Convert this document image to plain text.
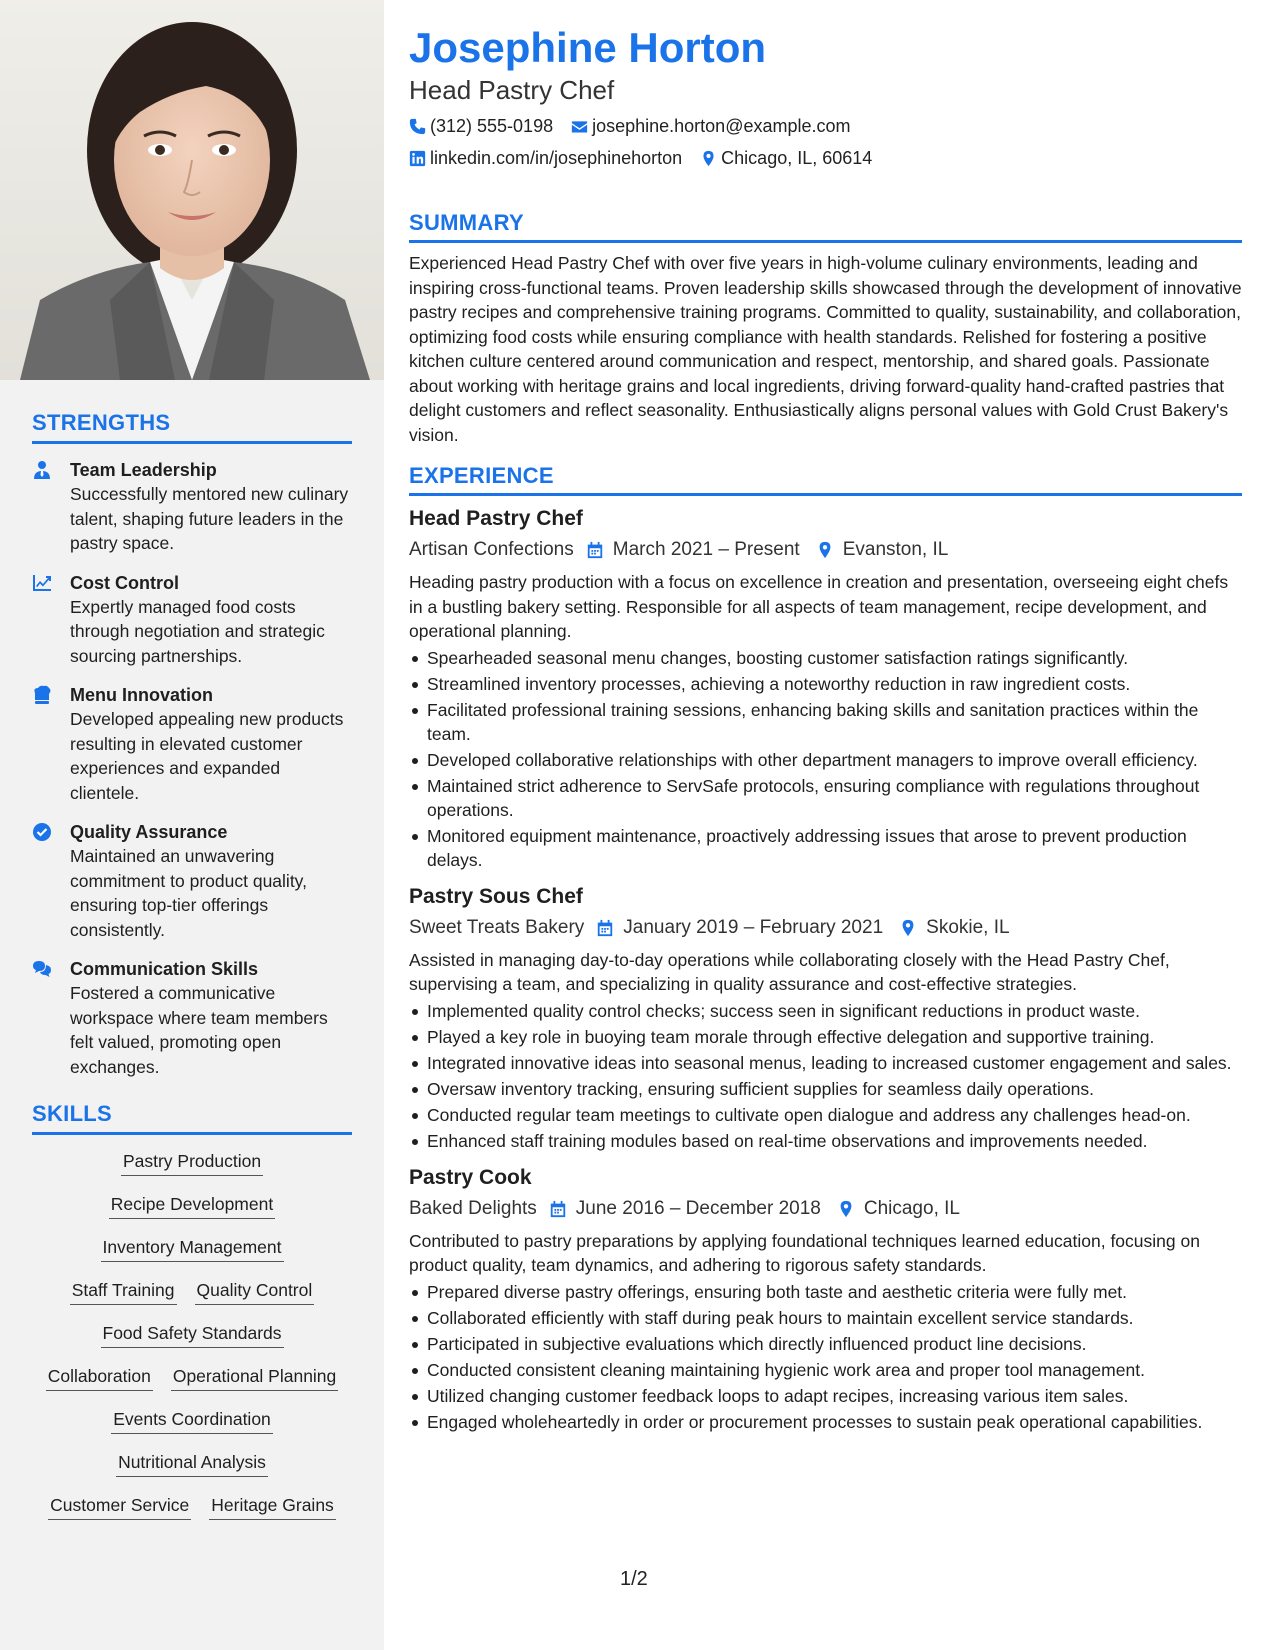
STRENGTHS
Team Leadership
Successfully mentored new culinary talent, shaping future leaders in the pastry space.
Cost Control
Expertly managed food costs through negotiation and strategic sourcing partnerships.
Menu Innovation
Developed appealing new products resulting in elevated customer experiences and expanded clientele.
Quality Assurance
Maintained an unwavering commitment to product quality, ensuring top-tier offerings consistently.
Communication Skills
Fostered a communicative workspace where team members felt valued, promoting open exchanges.
SKILLS
Pastry Production
Recipe Development
Inventory Management
Staff Training Quality Control
Food Safety Standards
Collaboration Operational Planning
Events Coordination
Nutritional Analysis
Customer Service Heritage Grains
Josephine Horton
Head Pastry Chef
(312) 555-0198 josephine.horton@example.com
linkedin.com/in/josephinehorton Chicago, IL, 60614
SUMMARY
Experienced Head Pastry Chef with over five years in high-volume culinary environments, leading and inspiring cross-functional teams. Proven leadership skills showcased through the development of innovative pastry recipes and comprehensive training programs. Committed to quality, sustainability, and collaboration, optimizing food costs while ensuring compliance with health standards. Relished for fostering a positive kitchen culture centered around communication and respect, mentorship, and shared goals. Passionate about working with heritage grains and local ingredients, driving forward-quality hand-crafted pastries that delight customers and reflect seasonality. Enthusiastically aligns personal values with Gold Crust Bakery's vision.
EXPERIENCE
Head Pastry Chef
Artisan Confections March 2021 – Present Evanston, IL
Heading pastry production with a focus on excellence in creation and presentation, overseeing eight chefs in a bustling bakery setting. Responsible for all aspects of team management, recipe development, and operational planning.
Spearheaded seasonal menu changes, boosting customer satisfaction ratings significantly.
Streamlined inventory processes, achieving a noteworthy reduction in raw ingredient costs.
Facilitated professional training sessions, enhancing baking skills and sanitation practices within the team.
Developed collaborative relationships with other department managers to improve overall efficiency.
Maintained strict adherence to ServSafe protocols, ensuring compliance with regulations throughout operations.
Monitored equipment maintenance, proactively addressing issues that arose to prevent production delays.
Pastry Sous Chef
Sweet Treats Bakery January 2019 – February 2021 Skokie, IL
Assisted in managing day-to-day operations while collaborating closely with the Head Pastry Chef, supervising a team, and specializing in quality assurance and cost-effective strategies.
Implemented quality control checks; success seen in significant reductions in product waste.
Played a key role in buoying team morale through effective delegation and supportive training.
Integrated innovative ideas into seasonal menus, leading to increased customer engagement and sales.
Oversaw inventory tracking, ensuring sufficient supplies for seamless daily operations.
Conducted regular team meetings to cultivate open dialogue and address any challenges head-on.
Enhanced staff training modules based on real-time observations and improvements needed.
Pastry Cook
Baked Delights June 2016 – December 2018 Chicago, IL
Contributed to pastry preparations by applying foundational techniques learned education, focusing on product quality, team dynamics, and adhering to rigorous safety standards.
Prepared diverse pastry offerings, ensuring both taste and aesthetic criteria were fully met.
Collaborated efficiently with staff during peak hours to maintain excellent service standards.
Participated in subjective evaluations which directly influenced product line decisions.
Conducted consistent cleaning maintaining hygienic work area and proper tool management.
Utilized changing customer feedback loops to adapt recipes, increasing various item sales.
Engaged wholeheartedly in order or procurement processes to sustain peak operational capabilities.
1/2
